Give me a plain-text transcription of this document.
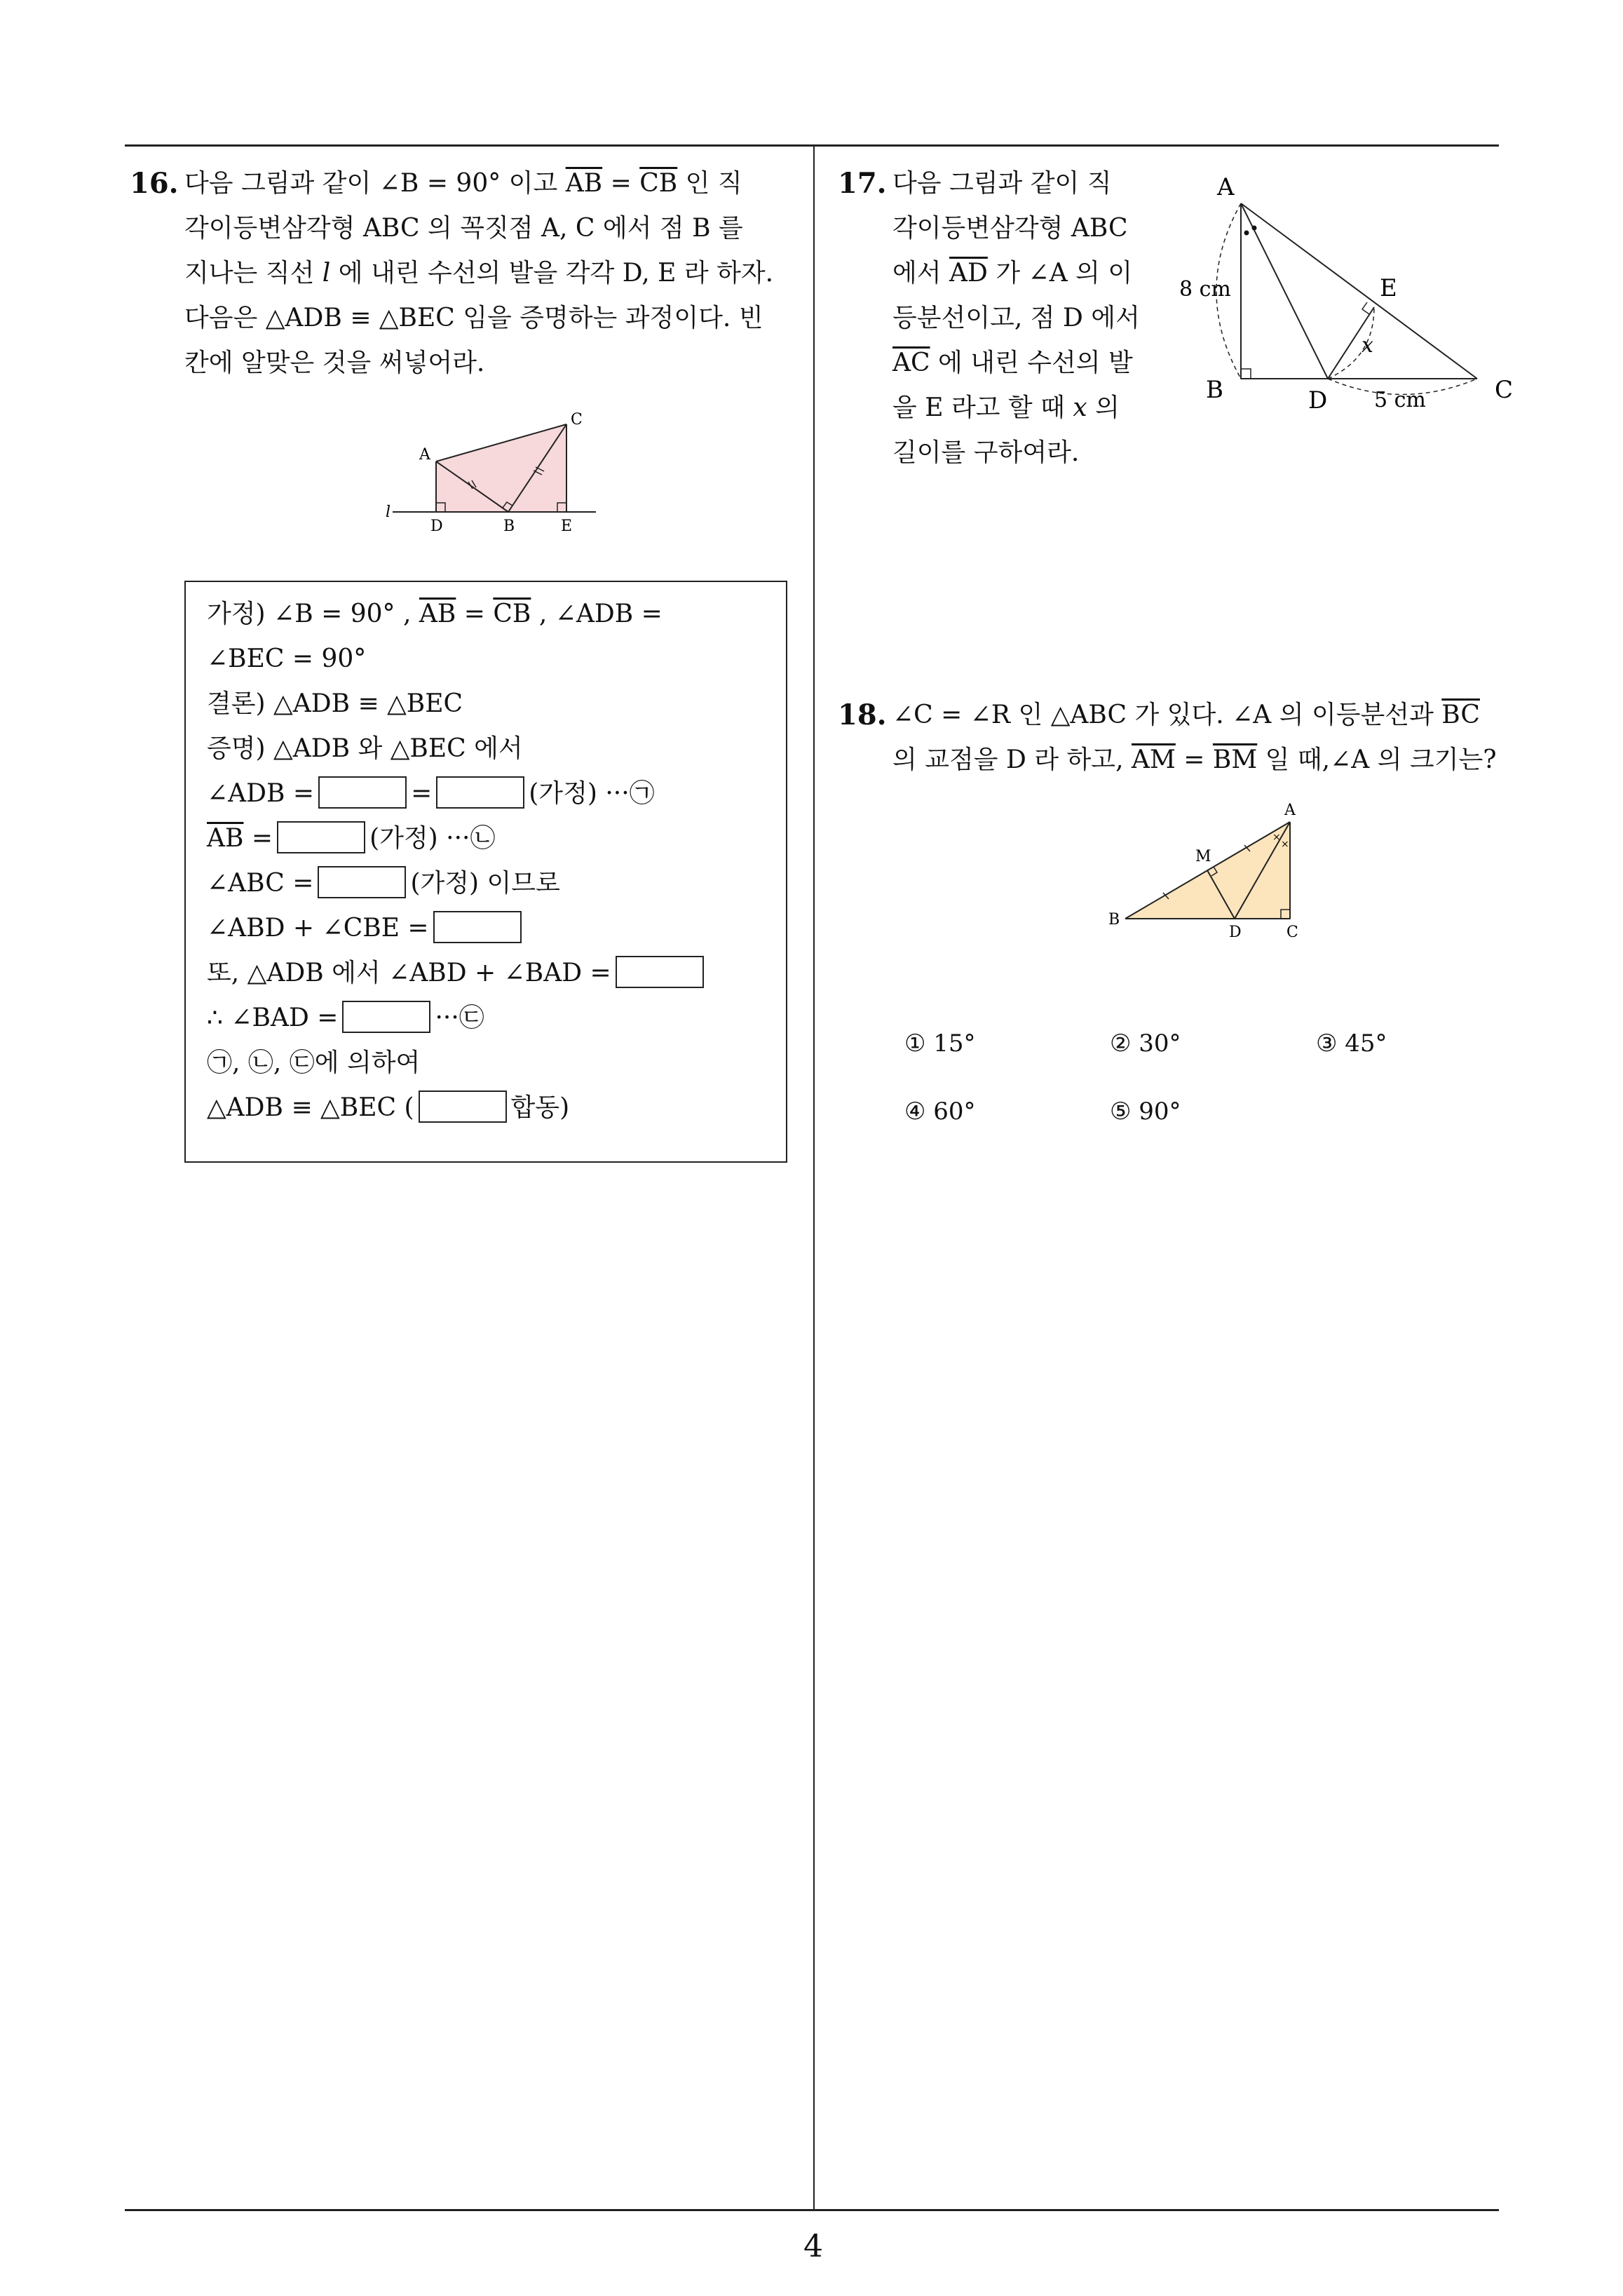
16. 다음 그림과 같이 ∠B = 90° 이고 $\overline{AB} = \overline{CB}$ 인 직
각이등변삼각형 ABC 의 꼭짓점 A, C 에서 점 B 를
지나는 직선 l 에 내린 수선의 발을 각각 D, E 라 하자.
다음은 △ADB ≡ △BEC 임을 증명하는 과정이다. 빈
칸에 알맞은 것을 써넣어라.
A
C
l
D	B	E
가정) ∠B = 90° , $\overline{AB} = \overline{CB}$ , ∠ADB =
∠BEC = 90°
결론) △ADB ≡ △BEC
증명) △ADB 와 △BEC 에서
∠ADB =	=	(가정) ···㉠
$\overline{AB}$ =	(가정) ···㉡
∠ABC =	(가정) 이므로
∠ABD + ∠CBE =
또, △ADB 에서 ∠ABD + ∠BAD =
∴ ∠BAD =	···㉢
㉠, ㉡, ㉢에 의하여
△ADB ≡ △BEC (	합동)
17. 다음 그림과 같이 직
각이등변삼각형 ABC
에서 $\overline{AD}$ 가 ∠A 의 이
등분선이고, 점 D 에서
$\overline{AC}$ 에 내린 수선의 발
을 E 라고 할 때 x 의
길이를 구하여라.
A
B	D	C
E
8 cm
5 cm
x
18. ∠C = ∠R 인 △ABC 가 있다. ∠A 의 이등분선과 $\overline{BC}$
의 교점을 D 라 하고, $\overline{AM} = \overline{BM}$ 일 때,∠A 의 크기는?
×
×
A
M
B
D	C
① 15°	② 30°	③ 45°
④ 60°	⑤ 90°
4
